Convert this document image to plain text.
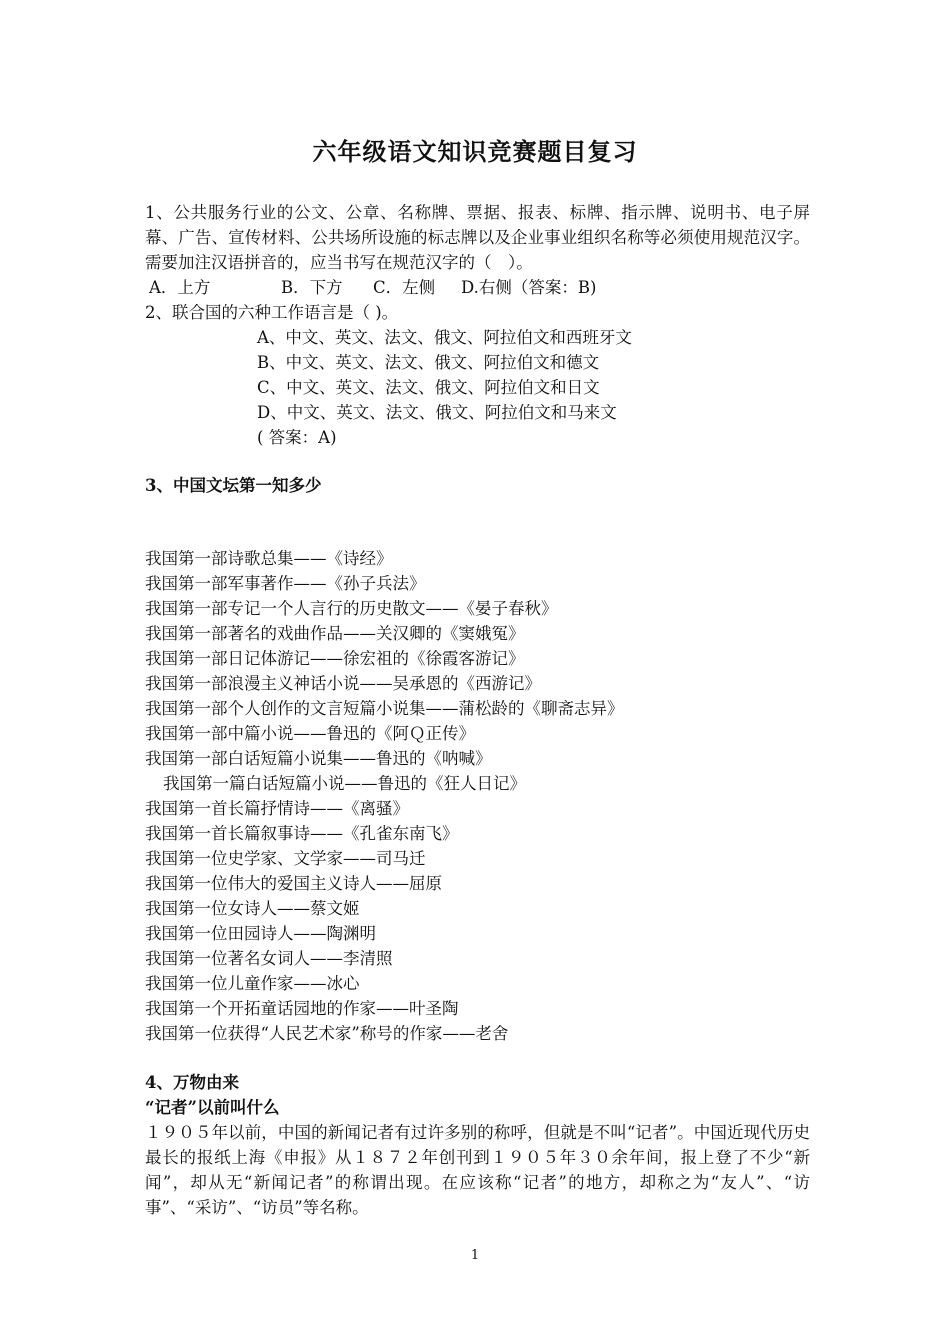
六年级语文知识竞赛题目复习
1、公共服务行业的公文、公章、名称牌、票据、报表、标牌、指示牌、说明书、电子屏幕、广告、宣传材料、公共场所设施的标志牌以及企业事业组织名称等必须使用规范汉字。需要加注汉语拼音的，应当书写在规范汉字的（　）。
A．上方	B．下方 C．左侧 D.右侧（答案：B)
2、联合国的六种工作语言是（ )。
A、中文、英文、法文、俄文、阿拉伯文和西班牙文
B、中文、英文、法文、俄文、阿拉伯文和德文
C、中文、英文、法文、俄文、阿拉伯文和日文
D、中文、英文、法文、俄文、阿拉伯文和马来文
( 答案：A)
3、中国文坛第一知多少
我国第一部诗歌总集——《诗经》
我国第一部军事著作——《孙子兵法》
我国第一部专记一个人言行的历史散文——《晏子春秋》
我国第一部著名的戏曲作品——关汉卿的《窦娥冤》
我国第一部日记体游记——徐宏祖的《徐霞客游记》
我国第一部浪漫主义神话小说——吴承恩的《西游记》
我国第一部个人创作的文言短篇小说集——蒲松龄的《聊斋志异》
我国第一部中篇小说——鲁迅的《阿Ｑ正传》
我国第一部白话短篇小说集——鲁迅的《呐喊》
我国第一篇白话短篇小说——鲁迅的《狂人日记》
我国第一首长篇抒情诗——《离骚》
我国第一首长篇叙事诗——《孔雀东南飞》
我国第一位史学家、文学家——司马迁
我国第一位伟大的爱国主义诗人——屈原
我国第一位女诗人——蔡文姬
我国第一位田园诗人——陶渊明
我国第一位著名女词人——李清照
我国第一位儿童作家——冰心
我国第一个开拓童话园地的作家——叶圣陶
我国第一位获得“人民艺术家”称号的作家——老舍
4、万物由来
“记者”以前叫什么
１９０５年以前，中国的新闻记者有过许多别的称呼，但就是不叫“记者”。中国近现代历史最长的报纸上海《申报》从１８７２年创刊到１９０５年３０余年间，报上登了不少“新闻”，却从无“新闻记者”的称谓出现。在应该称“记者”的地方，却称之为“友人”、“访事”、“采访”、“访员”等名称。
1
